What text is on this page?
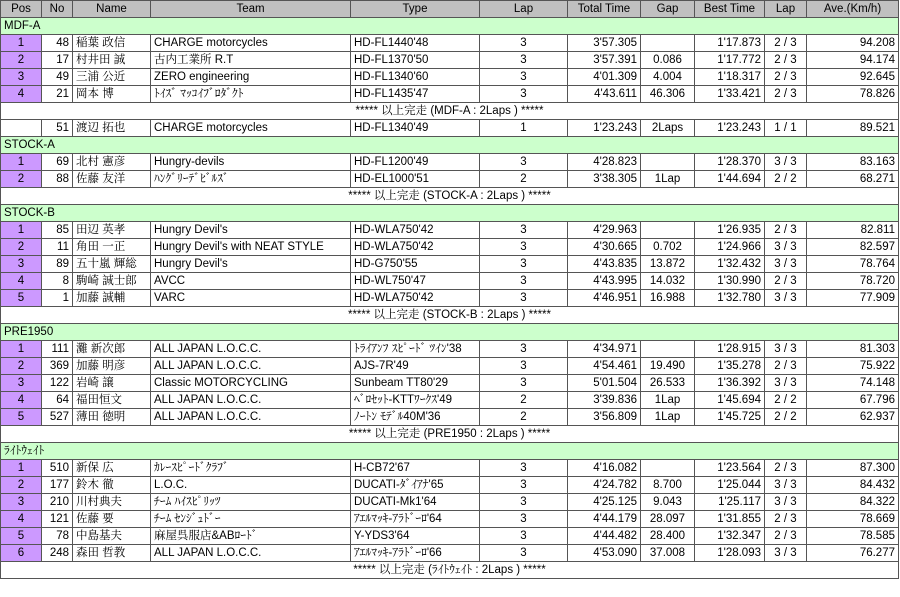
Pos	No	Name	Team	Type	Lap	Total Time	Gap	Best Time	Lap	Ave.(Km/h)
MDF-A										
1	48	稲葉 政信	CHARGE motorcycles	HD-FL1440'48	3	3'57.305		1'17.873	2 / 3	94.208
2	17	村井田 誠	古内工業所 R.T	HD-FL1370'50	3	3'57.391	0.086	1'17.772	2 / 3	94.174
3	49	三浦 公近	ZERO engineering	HD-FL1340'60	3	4'01.309	4.004	1'18.317	2 / 3	92.645
4	21	岡本 博	ﾄｲｽﾞ ﾏｯｺｲﾌﾞﾛﾀﾞｸﾄ	HD-FL1435'47	3	4'43.611	46.306	1'33.421	2 / 3	78.826
***** 以上完走 (MDF-A : 2Laps ) *****										
	51	渡辺 拓也	CHARGE motorcycles	HD-FL1340'49	1	1'23.243	2Laps	1'23.243	1 / 1	89.521
STOCK-A										
1	69	北村 憲彦	Hungry-devils	HD-FL1200'49	3	4'28.823		1'28.370	3 / 3	83.163
2	88	佐藤 友洋	ﾊﾝｸﾞﾘｰﾃﾞﾋﾞﾙｽﾞ	HD-EL1000'51	2	3'38.305	1Lap	1'44.694	2 / 2	68.271
***** 以上完走 (STOCK-A : 2Laps ) *****										
STOCK-B										
1	85	田辺 英孝	Hungry Devil's	HD-WLA750'42	3	4'29.963		1'26.935	2 / 3	82.811
2	11	角田 一正	Hungry Devil's with NEAT STYLE	HD-WLA750'42	3	4'30.665	0.702	1'24.966	3 / 3	82.597
3	89	五十嵐 輝総	Hungry Devil's	HD-G750'55	3	4'43.835	13.872	1'32.432	3 / 3	78.764
4	8	駒崎 誠士郎	AVCC	HD-WL750'47	3	4'43.995	14.032	1'30.990	2 / 3	78.720
5	1	加藤 誠輔	VARC	HD-WLA750'42	3	4'46.951	16.988	1'32.780	3 / 3	77.909
***** 以上完走 (STOCK-B : 2Laps ) *****										
PRE1950										
1	111	灘 新次郎	ALL JAPAN L.O.C.C.	ﾄﾗｲｱﾝﾌ ｽﾋﾟｰﾄﾞ ﾂｲﾝ'38	3	4'34.971		1'28.915	3 / 3	81.303
2	369	加藤 明彦	ALL JAPAN L.O.C.C.	AJS-7R'49	3	4'54.461	19.490	1'35.278	2 / 3	75.922
3	122	岩崎 譲	Classic MOTORCYCLING	Sunbeam TT80'29	3	5'01.504	26.533	1'36.392	3 / 3	74.148
4	64	福田恒文	ALL JAPAN L.O.C.C.	ﾍﾞﾛｾｯﾄ-KTTﾜｰｸｽ'49	2	3'39.836	1Lap	1'45.694	2 / 2	67.796
5	527	薄田 徳明	ALL JAPAN L.O.C.C.	ﾉｰﾄﾝ ﾓﾃﾞﾙ40M'36	2	3'56.809	1Lap	1'45.725	2 / 2	62.937
***** 以上完走 (PRE1950 : 2Laps ) *****										
ﾗｲﾄｳｪｲﾄ										
1	510	新保 広	ｶﾚｰｽﾋﾟｰﾄﾞｸﾗﾌﾞ	H-CB72'67	3	4'16.082		1'23.564	2 / 3	87.300
2	177	鈴木 徹	L.O.C.	DUCATI-ﾀﾞｲｱﾅ'65	3	4'24.782	8.700	1'25.044	3 / 3	84.432
3	210	川村典夫	ﾁｰﾑ ﾊｲｽﾋﾟﾘｯﾂ	DUCATI-Mk1'64	3	4'25.125	9.043	1'25.117	3 / 3	84.322
4	121	佐藤 要	ﾁｰﾑ ｾﾝｼﾞｭﾄﾞｰ	ｱｴﾙﾏｯｷ-ｱﾗﾄﾞｰﾛ'64	3	4'44.179	28.097	1'31.855	2 / 3	78.669
5	78	中島基夫	麻屋呉服店&ABﾛｰﾄﾞ	Y-YDS3'64	3	4'44.482	28.400	1'32.347	2 / 3	78.585
6	248	森田 哲教	ALL JAPAN L.O.C.C.	ｱｴﾙﾏｯｷ-ｱﾗﾄﾞｰﾛ'66	3	4'53.090	37.008	1'28.093	3 / 3	76.277
***** 以上完走 (ﾗｲﾄｳｪｲﾄ : 2Laps ) *****										
